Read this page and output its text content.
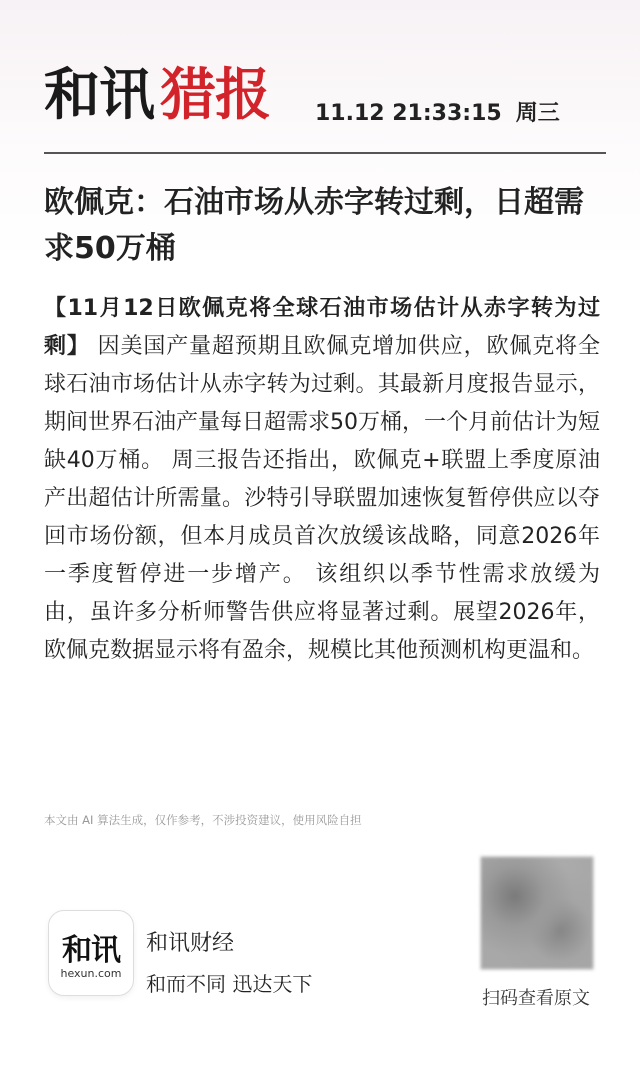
和讯 猎报 11.12 21:33:15 周三
欧佩克：石油市场从赤字转过剩，日超需求50万桶

【11月12日欧佩克将全球石油市场估计从赤字转为过剩】 因美国产量超预期且欧佩克增加供应，欧佩克将全球石油市场估计从赤字转为过剩。其最新月度报告显示，期间世界石油产量每日超需求50万桶，一个月前估计为短缺40万桶。 周三报告还指出，欧佩克+联盟上季度原油产出超估计所需量。沙特引导联盟加速恢复暂停供应以夺回市场份额，但本月成员首次放缓该战略，同意2026年一季度暂停进一步增产。 该组织以季节性需求放缓为由，虽许多分析师警告供应将显著过剩。展望2026年，欧佩克数据显示将有盈余，规模比其他预测机构更温和。

本文由 AI 算法生成，仅作参考，不涉投资建议，使用风险自担
和讯
hexun.com
和讯财经
和而不同 迅达天下
扫码查看原文
